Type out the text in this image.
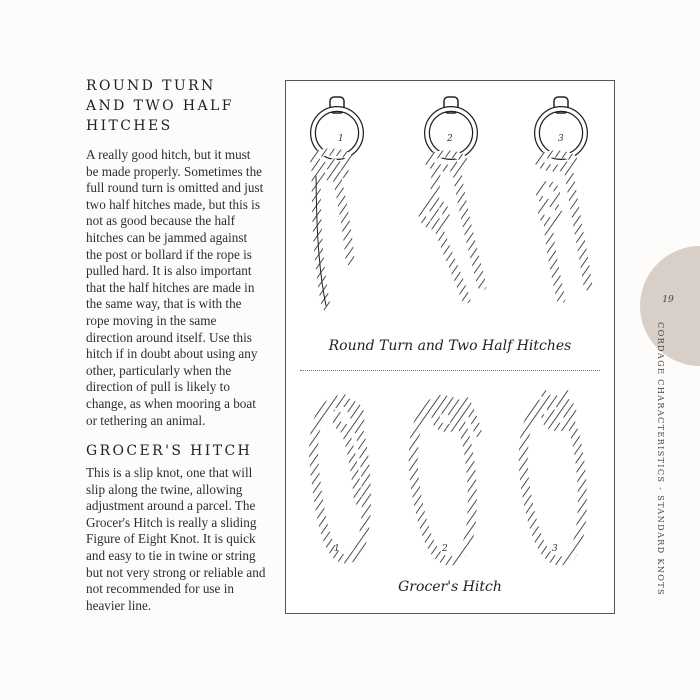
ROUND TURN
AND TWO HALF
HITCHES

A really good hitch, but it must be made properly. Sometimes the full round turn is omitted and just two half hitches made, but this is not as good because the half hitches can be jammed against the post or bollard if the rope is pulled hard. It is also important that the half hitches are made in the same way, that is with the rope moving in the same direction around itself. Use this hitch if in doubt about using any other, particularly when the direction of pull is likely to change, as when mooring a boat or tethering an animal.

GROCER'S HITCH

This is a slip knot, one that will slip along the twine, allowing adjustment around a parcel. The Grocer's Hitch is really a sliding Figure of Eight Knot. It is quick and easy to tie in twine or string but not very strong or reliable and not recommended for use in heavier line.

1	2	3
1	2	3
Round Turn and Two Half Hitches
Grocer's Hitch
19
CORDAGE CHARACTERISTICS - STANDARD KNOTS
